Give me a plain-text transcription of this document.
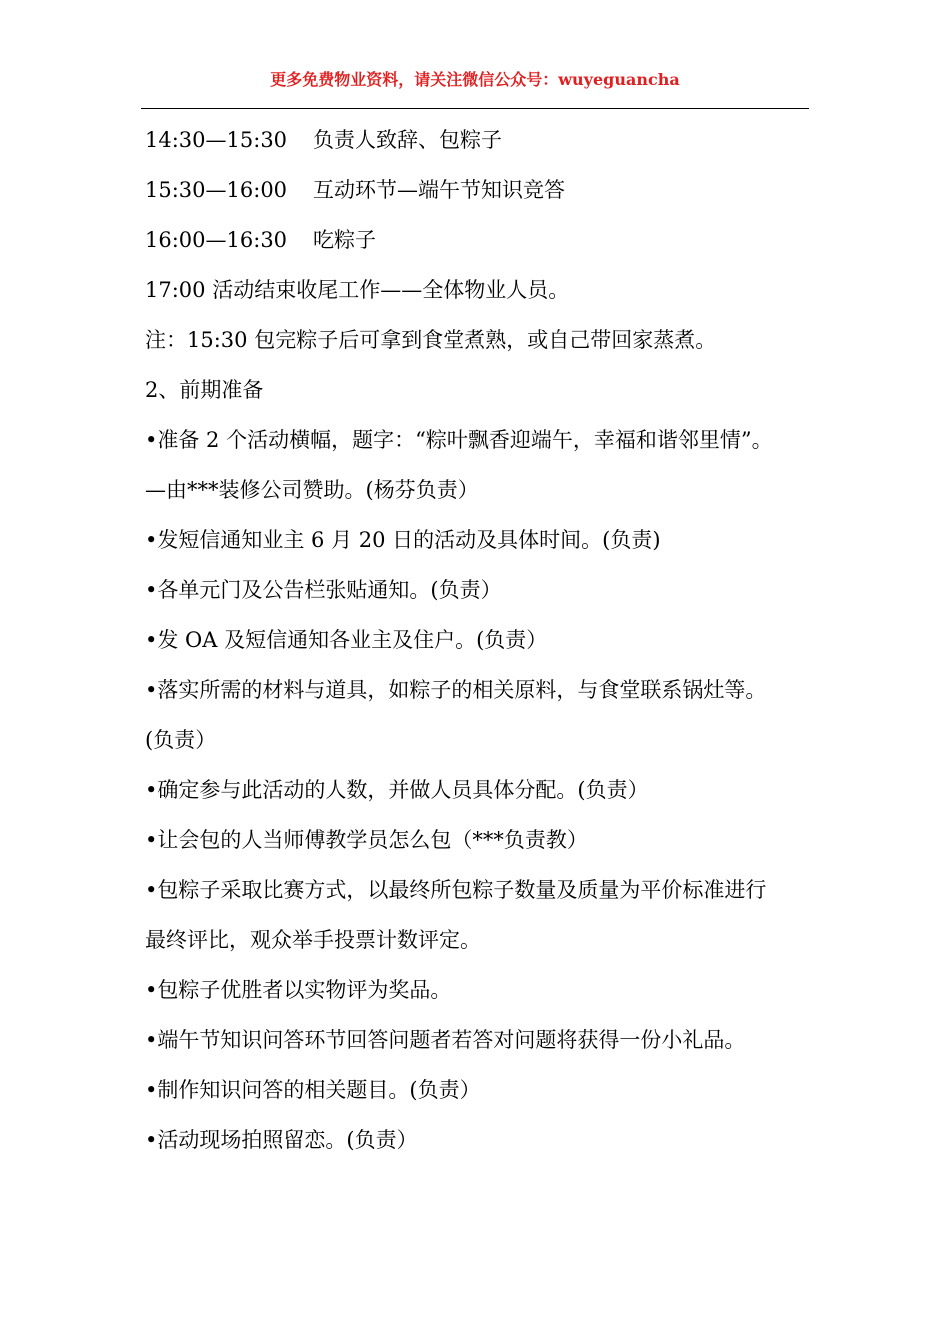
更多免费物业资料，请关注微信公众号：wuyeguancha
14:30—15:30 负责人致辞、包粽子
15:30—16:00 互动环节—端午节知识竞答
16:00—16:30 吃粽子
17:00 活动结束收尾工作——全体物业人员。
注：15:30 包完粽子后可拿到食堂煮熟，或自己带回家蒸煮。
2、前期准备
•准备 2 个活动横幅，题字：“粽叶飘香迎端午，幸福和谐邻里情”。
—由***装修公司赞助。(杨芬负责）
•发短信通知业主 6 月 20 日的活动及具体时间。(负责)
•各单元门及公告栏张贴通知。(负责）
•发 OA 及短信通知各业主及住户。(负责）
•落实所需的材料与道具，如粽子的相关原料，与食堂联系锅灶等。
(负责）
•确定参与此活动的人数，并做人员具体分配。(负责）
•让会包的人当师傅教学员怎么包（***负责教）
•包粽子采取比赛方式，以最终所包粽子数量及质量为平价标准进行
最终评比，观众举手投票计数评定。
•包粽子优胜者以实物评为奖品。
•端午节知识问答环节回答问题者若答对问题将获得一份小礼品。
•制作知识问答的相关题目。(负责）
•活动现场拍照留恋。(负责）
